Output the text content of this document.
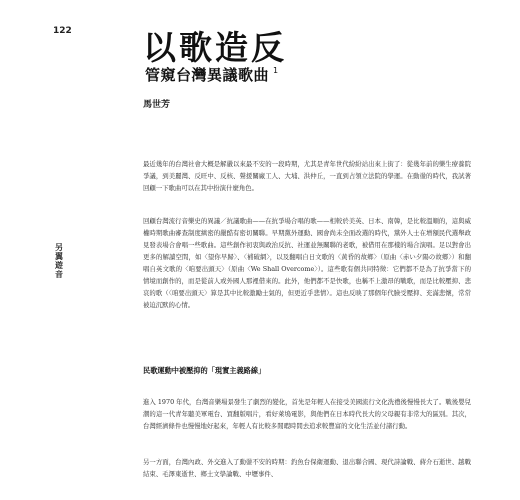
122
另翼遊音
以歌造反
管窺台灣異議歌曲 $^1$
馬世芳

最近幾年的台灣社會大概是解嚴以來最不安的一段時期，尤其是青年世代紛紛站出來上街了：從幾年前的樂生療養院爭議，到美麗灣、反旺中、反核、聲援關廠工人、大埔、洪仲丘，一直到占領立法院的學運。在動盪的時代，我試著回顧一下歌曲可以在其中扮演什麼角色。

回顧台灣流行音樂史的異議／抗議歌曲——在抗爭場合唱的歌——相較於美英、日本、南韓，是比較溫順的，這與威權時期歌曲審查制度縝密的嚴酷有密切關聯。早期黨外運動、國會尚未全面改選的時代，黨外人士在增額民代選舉政見發表場合會唱一些歌曲。這些創作初衷與政治反抗、社運並無關聯的老歌，被借用在那樣的場合演唱。足以對會出更多的解讀空間，如〈望你早歸〉、〈補破網〉，以及翻唱自日文歌的〈黃昏的故鄉〉（原曲〈赤い夕陽の故郷〉）和翻唱自英文歌的〈咱要出頭天〉（原曲〈We Shall Overcome〉）。這些歌有個共同特徵：它們都不是為了抗爭當下的情境而創作的，而是從前人或外國人那裡借來的。此外，他們都不是快歌，也稱不上激昂的戰歌，而是比較壓抑、悲哀的歌（〈咱要出頭天〉算是其中比較激勵士氣的，但更近乎悲情）。這也反映了那個年代臉受壓抑、充滿悲懷，常常被迫沉默的心情。

民歌運動中被壓抑的「現實主義路線」

進入 1970 年代，台灣音樂場景發生了劇烈的變化，首先是年輕人在接受美國流行文化洗禮後慢慢長大了。戰後嬰兒潮的這一代青年聽美軍電台、買翻版唱片，看好萊塢電影，與他們在日本時代長大的父母親有非常大的區別。其次，台灣經濟條件也慢慢地好起來，年輕人有比較多閒暇時間去追求較豐富的文化生活並付諸行動。

另一方面，台灣內政、外交進入了動盪不安的時期：釣魚台保衛運動、退出聯合國、現代詩論戰、蔣介石逝世、越戰結束、毛澤東逝世、鄉土文學論戰、中壢事件、
